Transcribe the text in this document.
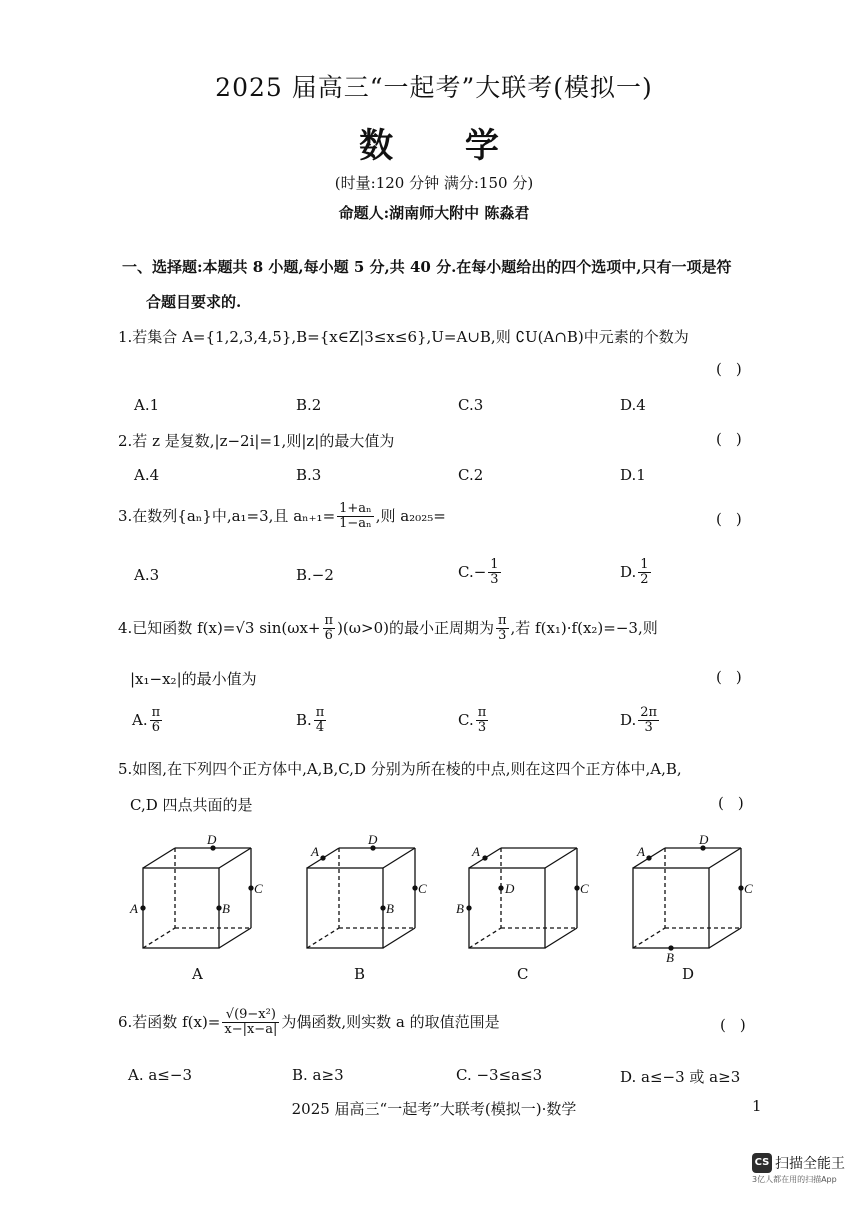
2025 届高三“一起考”大联考(模拟一)
数 学
(时量:120 分钟 满分:150 分)
命题人:湖南师大附中 陈淼君
一、选择题:本题共 8 小题,每小题 5 分,共 40 分.在每小题给出的四个选项中,只有一项是符
合题目要求的.
1.若集合 A={1,2,3,4,5},B={x∈Z|3≤x≤6},U=A∪B,则 ∁U(A∩B)中元素的个数为
()
A.1	B.2	C.3	D.4
2.若 z 是复数,|z−2i|=1,则|z|的最大值为	()
A.4	B.3	C.2	D.1
3.在数列{aₙ}中,a₁=3,且 $a_{n+1}= \frac{\text{1+aₙ}}{\text{1−aₙ}}$ ,则 a₂₀₂₅=	()
A.3	B.−2	$C.- \frac{1}{3}$	D. $\frac{1}{2}$
4.已知函数 f(x)=√3 $\sin(\omega x+ \frac{\pi}{6} )(\omega>0)$的最小正周期为 $\frac{\pi}{3}$ ,若 f(x₁)·f(x₂)=−3,则
|x₁−x₂|的最小值为	()
A. $\frac{\pi}{6}$	B. $\frac{\pi}{4}$	C. $\frac{\pi}{3}$	D. $\frac{2\pi}{3}$
5.如图,在下列四个正方体中,A,B,C,D 分别为所在棱的中点,则在这四个正方体中,A,B,
C,D 四点共面的是	()
D
A	B
C
D
A
B
C
A
D
B
C
A
D
C
B
A	B	C	D
6.若函数 $f(x)= \frac{\text{√(9−x²)}}{x-|x-a|}$ 为偶函数,则实数 a 的取值范围是	()
A. a≤−3	B. a≥3	C. −3≤a≤3	D. a≤−3 或 a≥3
2025 届高三“一起考”大联考(模拟一)·数学	1
CS 扫描全能王
3亿人都在用的扫描App
